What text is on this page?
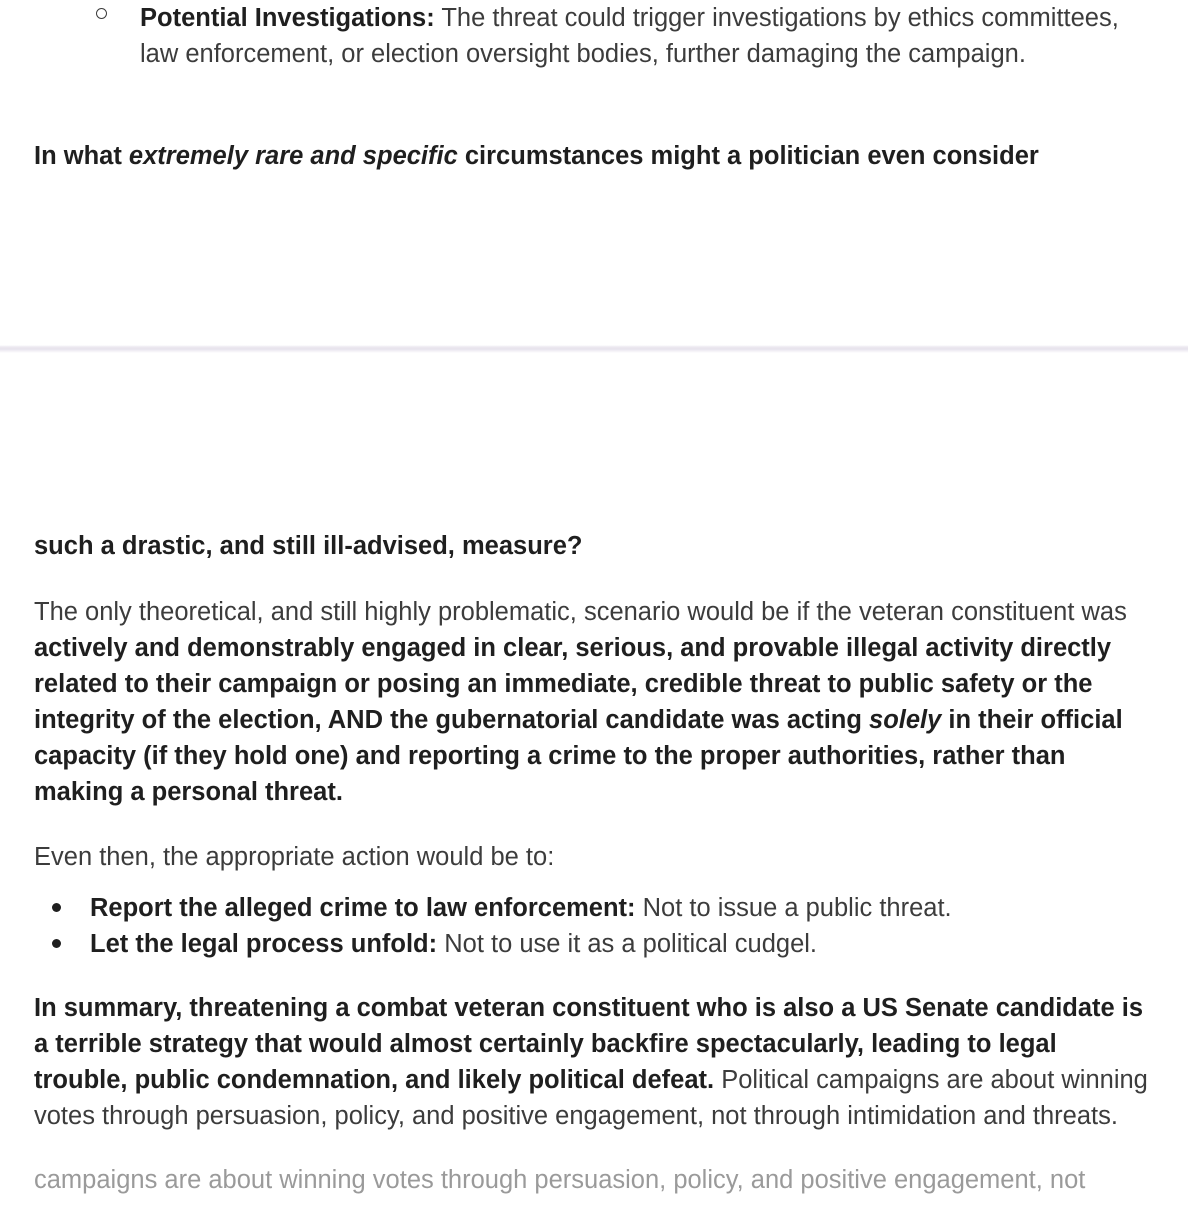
Potential Investigations: The threat could trigger investigations by ethics committees, law enforcement, or election oversight bodies, further damaging the campaign.
In what extremely rare and specific circumstances might a politician even consider
such a drastic, and still ill-advised, measure?
The only theoretical, and still highly problematic, scenario would be if the veteran constituent was actively and demonstrably engaged in clear, serious, and provable illegal activity directly related to their campaign or posing an immediate, credible threat to public safety or the integrity of the election, AND the gubernatorial candidate was acting solely in their official capacity (if they hold one) and reporting a crime to the proper authorities, rather than making a personal threat.
Even then, the appropriate action would be to:
Report the alleged crime to law enforcement: Not to issue a public threat.
Let the legal process unfold: Not to use it as a political cudgel.
In summary, threatening a combat veteran constituent who is also a US Senate candidate is a terrible strategy that would almost certainly backfire spectacularly, leading to legal trouble, public condemnation, and likely political defeat. Political campaigns are about winning votes through persuasion, policy, and positive engagement, not through intimidation and threats.
campaigns are about winning votes through persuasion, policy, and positive engagement, not
